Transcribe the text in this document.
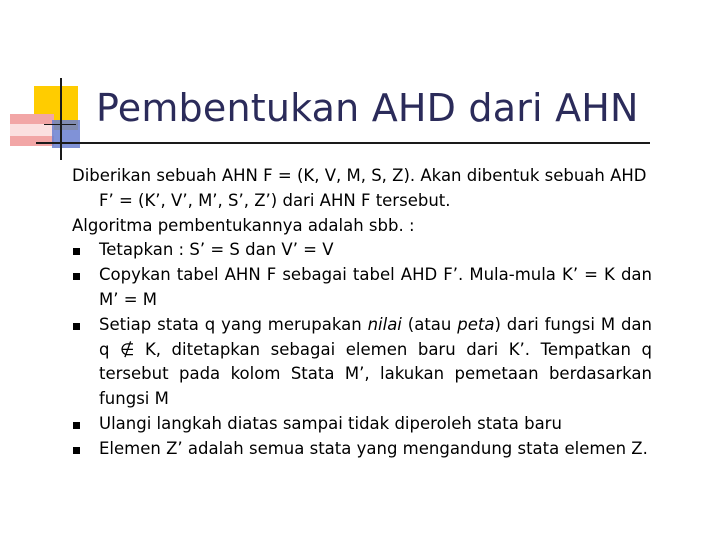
Pembentukan AHD dari AHN

Diberikan sebuah AHN F = (K, V, M, S, Z). Akan dibentuk sebuah AHD F’ = (K’, V’, M’, S’, Z’) dari AHN F tersebut.

Algoritma pembentukannya adalah sbb. :

Tetapkan : S’ = S dan V’ = V
Copykan tabel AHN F sebagai tabel AHD F’. Mula-mula K’ = K dan M’ = M
Setiap stata q yang merupakan nilai (atau peta) dari fungsi M dan q ∉ K, ditetapkan sebagai elemen baru dari K’. Tempatkan q tersebut pada kolom Stata M’, lakukan pemetaan berdasarkan fungsi M
Ulangi langkah diatas sampai tidak diperoleh stata baru
Elemen Z’ adalah semua stata yang mengandung stata elemen Z.
